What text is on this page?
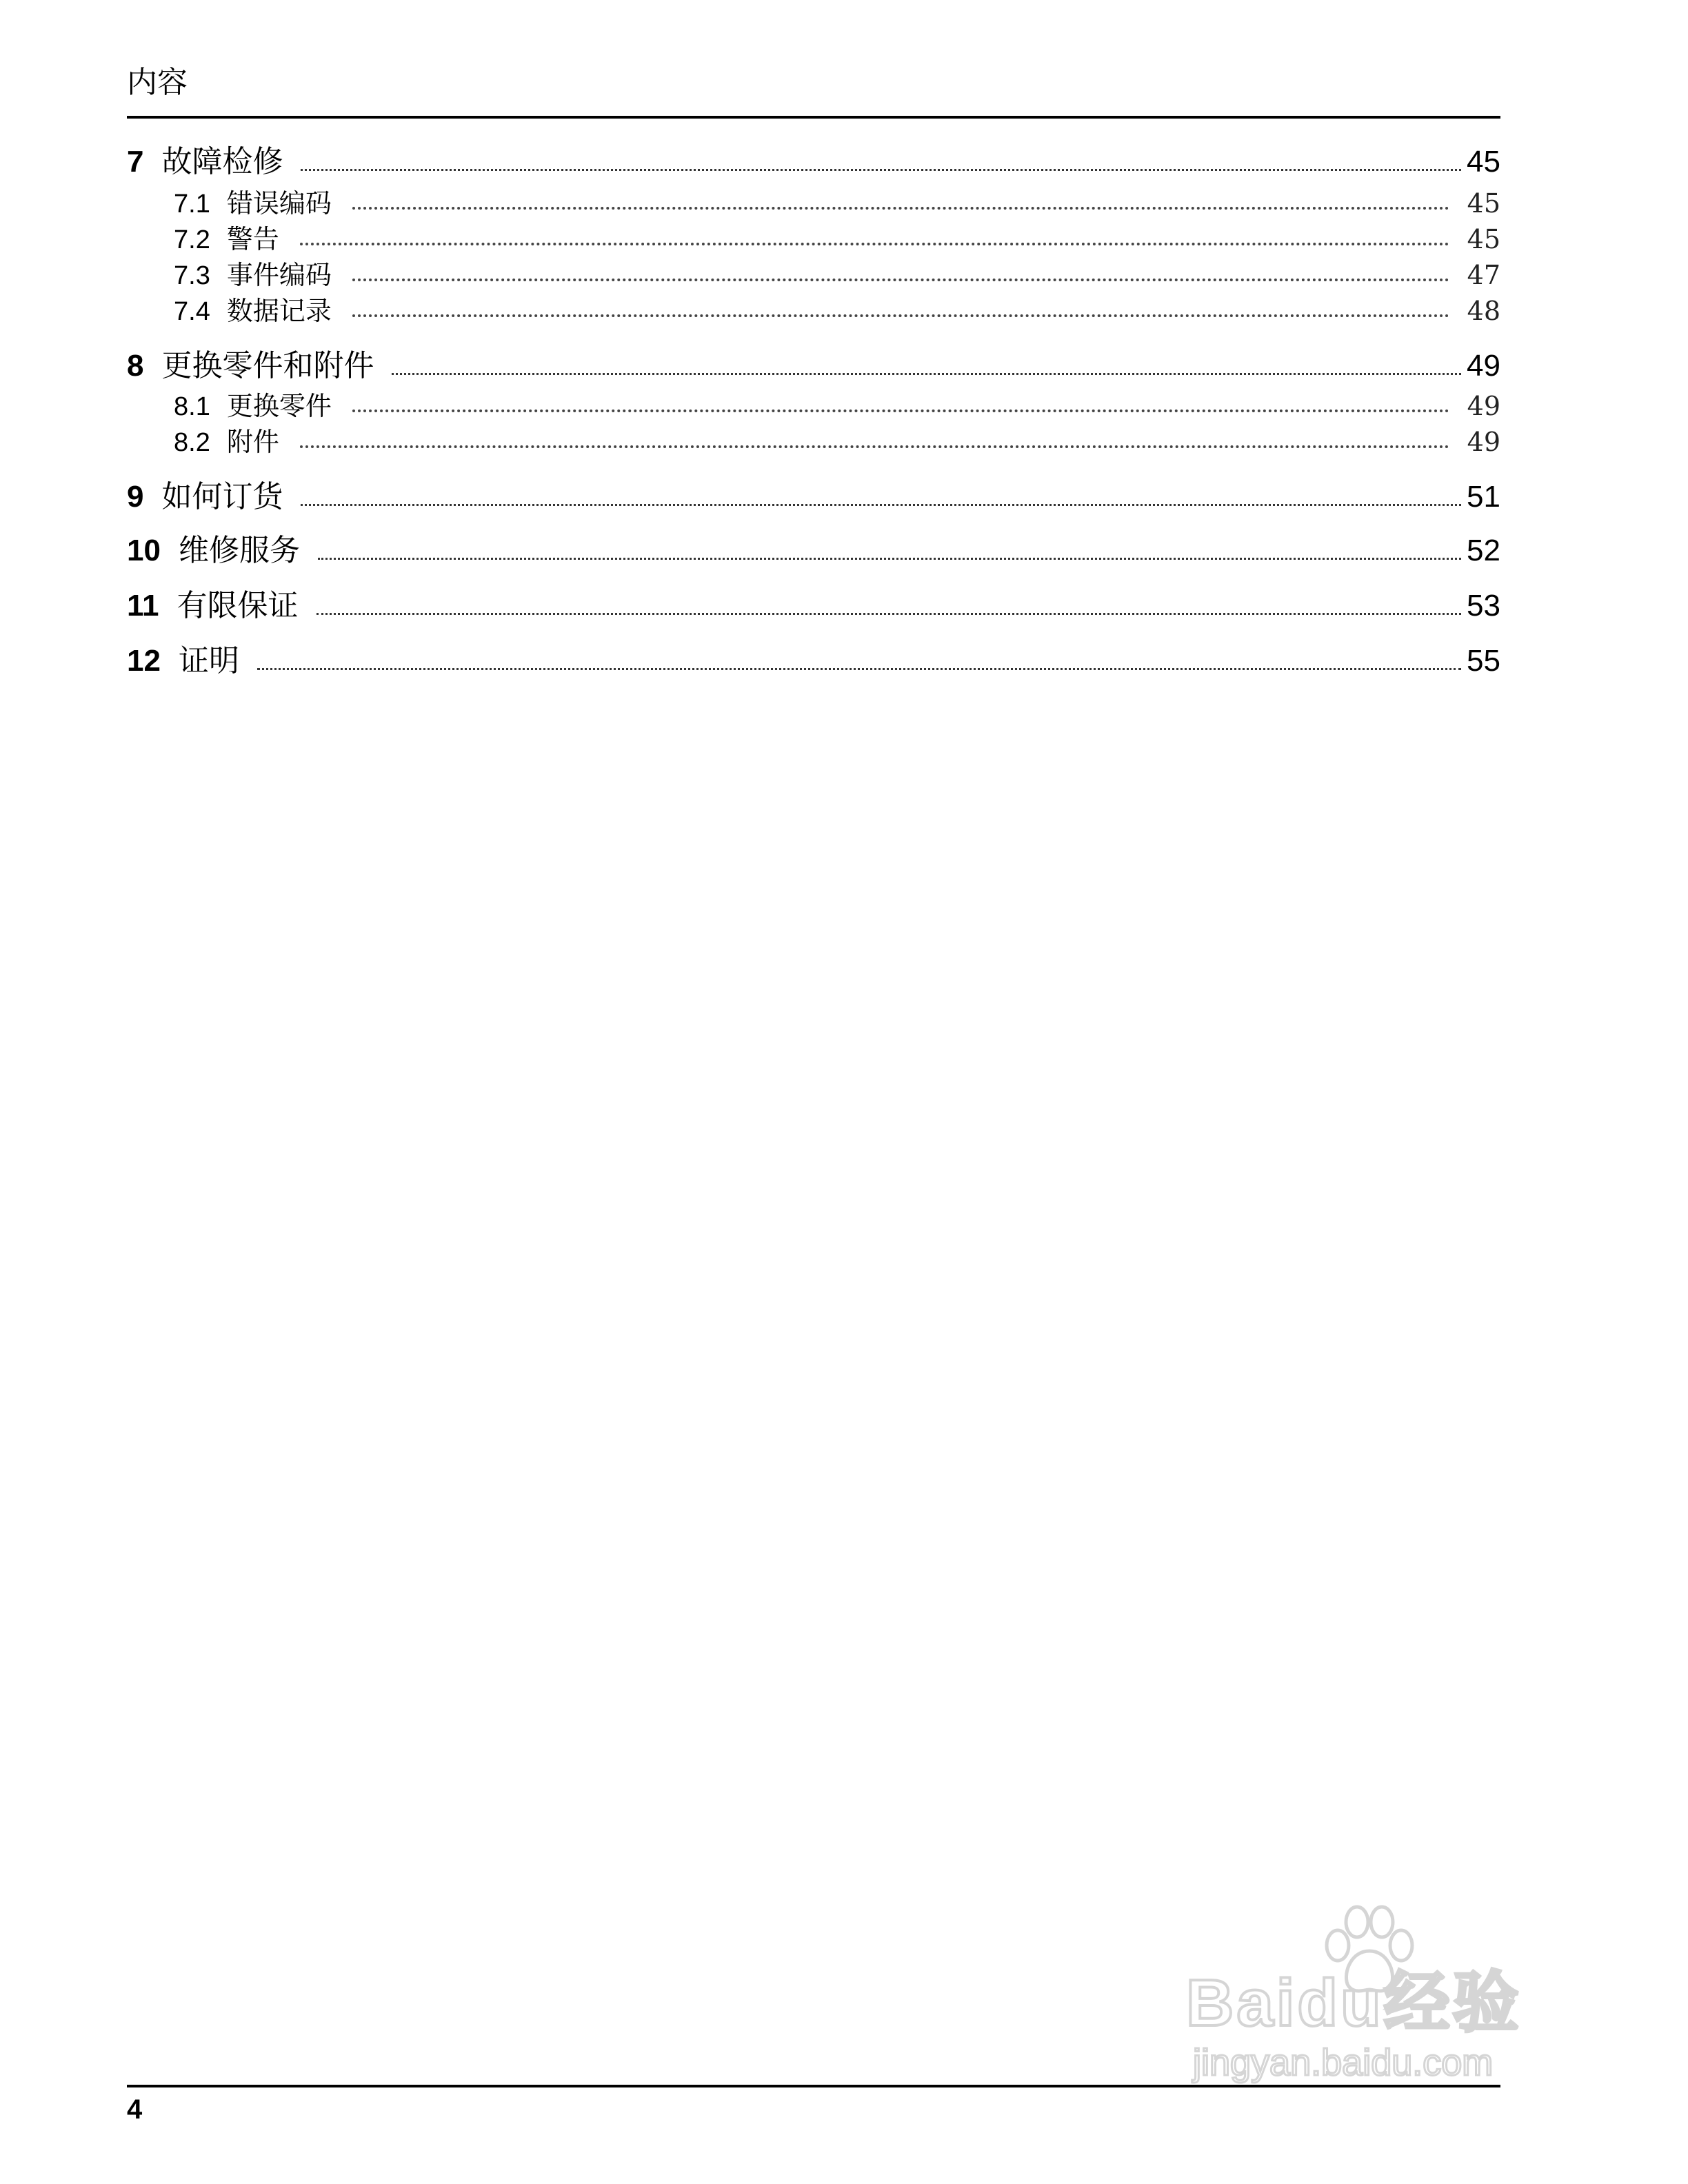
内容
7 故障检修	45
7.1 错误编码	45
7.2 警告	45
7.3 事件编码	47
7.4 数据记录	48
8 更换零件和附件	49
8.1 更换零件	49
8.2 附件	49
9 如何订货	51
10 维修服务	52
11 有限保证	53
12 证明	55
Baidu经验
jingyan.baidu.com
4
